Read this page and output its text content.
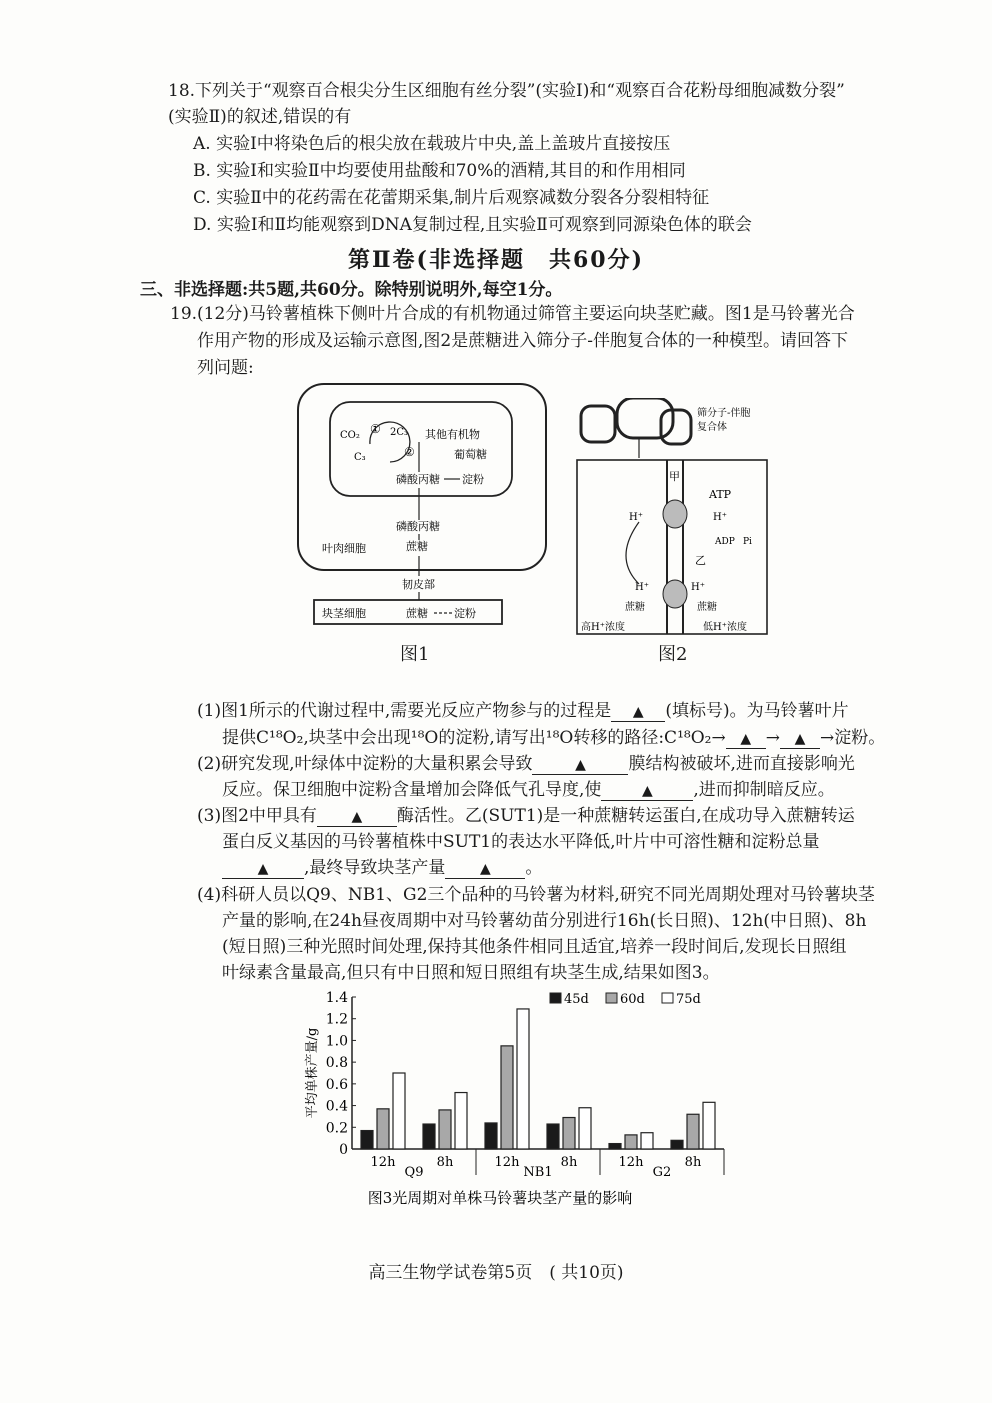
18.下列关于“观察百合根尖分生区细胞有丝分裂”(实验Ⅰ)和“观察百合花粉母细胞减数分裂”
(实验Ⅱ)的叙述,错误的有
A. 实验Ⅰ中将染色后的根尖放在载玻片中央,盖上盖玻片直接按压
B. 实验Ⅰ和实验Ⅱ中均要使用盐酸和70%的酒精,其目的和作用相同
C. 实验Ⅱ中的花药需在花蕾期采集,制片后观察减数分裂各分裂相特征
D. 实验Ⅰ和Ⅱ均能观察到DNA复制过程,且实验Ⅱ可观察到同源染色体的联会
第Ⅱ卷(非选择题　共60分)
三、非选择题:共5题,共60分。除特别说明外,每空1分。
19.(12分)马铃薯植株下侧叶片合成的有机物通过筛管主要运向块茎贮藏。图1是马铃薯光合
作用产物的形成及运输示意图,图2是蔗糖进入筛分子-伴胞复合体的一种模型。请回答下
列问题:
CO₂ ① 2C₃
C₃	②
其他有机物
葡萄糖
磷酸丙糖 淀粉
磷酸丙糖
蔗糖
叶肉细胞
韧皮部
块茎细胞	蔗糖 淀粉
图1
筛分子-伴胞
复合体
甲
ATP
H⁺	H⁺
ADP Pi
乙
H⁺	H⁺
蔗糖	蔗糖
高H⁺浓度	低H⁺浓度
图2
(1)图1所示的代谢过程中,需要光反应产物参与的过程是 ▲ (填标号)。为马铃薯叶片
提供C¹⁸O₂,块茎中会出现¹⁸O的淀粉,请写出¹⁸O转移的路径:C¹⁸O₂→ ▲ → ▲ →淀粉。
(2)研究发现,叶绿体中淀粉的大量积累会导致	▲	膜结构被破坏,进而直接影响光
反应。保卫细胞中淀粉含量增加会降低气孔导度,使	▲ ,进而抑制暗反应。
(3)图2中甲具有 ▲ 酶活性。乙(SUT1)是一种蔗糖转运蛋白,在成功导入蔗糖转运
蛋白反义基因的马铃薯植株中SUT1的表达水平降低,叶片中可溶性糖和淀粉总量
▲ ,最终导致块茎产量 ▲ 。
(4)科研人员以Q9、NB1、G2三个品种的马铃薯为材料,研究不同光周期处理对马铃薯块茎
产量的影响,在24h昼夜周期中对马铃薯幼苗分别进行16h(长日照)、12h(中日照)、8h
(短日照)三种光照时间处理,保持其他条件相同且适宜,培养一段时间后,发现长日照组
叶绿素含量最高,但只有中日照和短日照组有块茎生成,结果如图3。
0
0.2
0.4
0.6
0.8
1.0
1.2
1.4
平均单株产量/g
12h	8h	12h	8h	12h	8h
Q9	NB1	G2
45d 60d 75d
图3光周期对单株马铃薯块茎产量的影响
高三生物学试卷第5页　( 共10页)
